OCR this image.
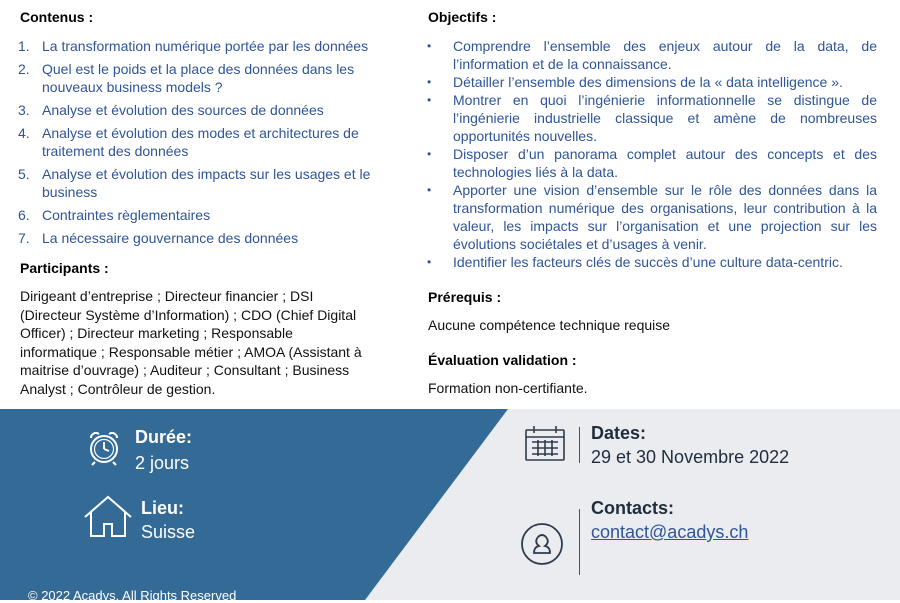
Contenus :
1. La transformation numérique portée par les données
2. Quel est le poids et la place des données dans les nouveaux business models ?
3. Analyse et évolution des sources de données
4. Analyse et évolution des modes et architectures de traitement des données
5. Analyse et évolution des impacts sur les usages et le business
6. Contraintes règlementaires
7. La nécessaire gouvernance des données
Participants :

Dirigeant d’entreprise ; Directeur financier ; DSI (Directeur Système d’Information) ; CDO (Chief Digital Officer) ; Directeur marketing ; Responsable informatique ; Responsable métier ; AMOA (Assistant à maitrise d’ouvrage) ; Auditeur ; Consultant ; Business Analyst ; Contrôleur de gestion.

Objectifs :
• Comprendre l’ensemble des enjeux autour de la data, de l’information et de la connaissance.
• Détailler l’ensemble des dimensions de la « data intelligence ».
• Montrer en quoi l’ingénierie informationnelle se distingue de l’ingénierie industrielle classique et amène de nombreuses opportunités nouvelles.
• Disposer d’un panorama complet autour des concepts et des technologies liés à la data.
• Apporter une vision d’ensemble sur le rôle des données dans la transformation numérique des organisations, leur contribution à la valeur, les impacts sur l’organisation et une projection sur les évolutions sociétales et d’usages à venir.
• Identifier les facteurs clés de succès d’une culture data-centric.
Prérequis :

Aucune compétence technique requise

Évaluation validation :

Formation non-certifiante.

Durée:

2 jours

Lieu:

Suisse

Dates:

29 et 30 Novembre 2022

Contacts:

contact@acadys.ch

© 2022 Acadys. All Rights Reserved
